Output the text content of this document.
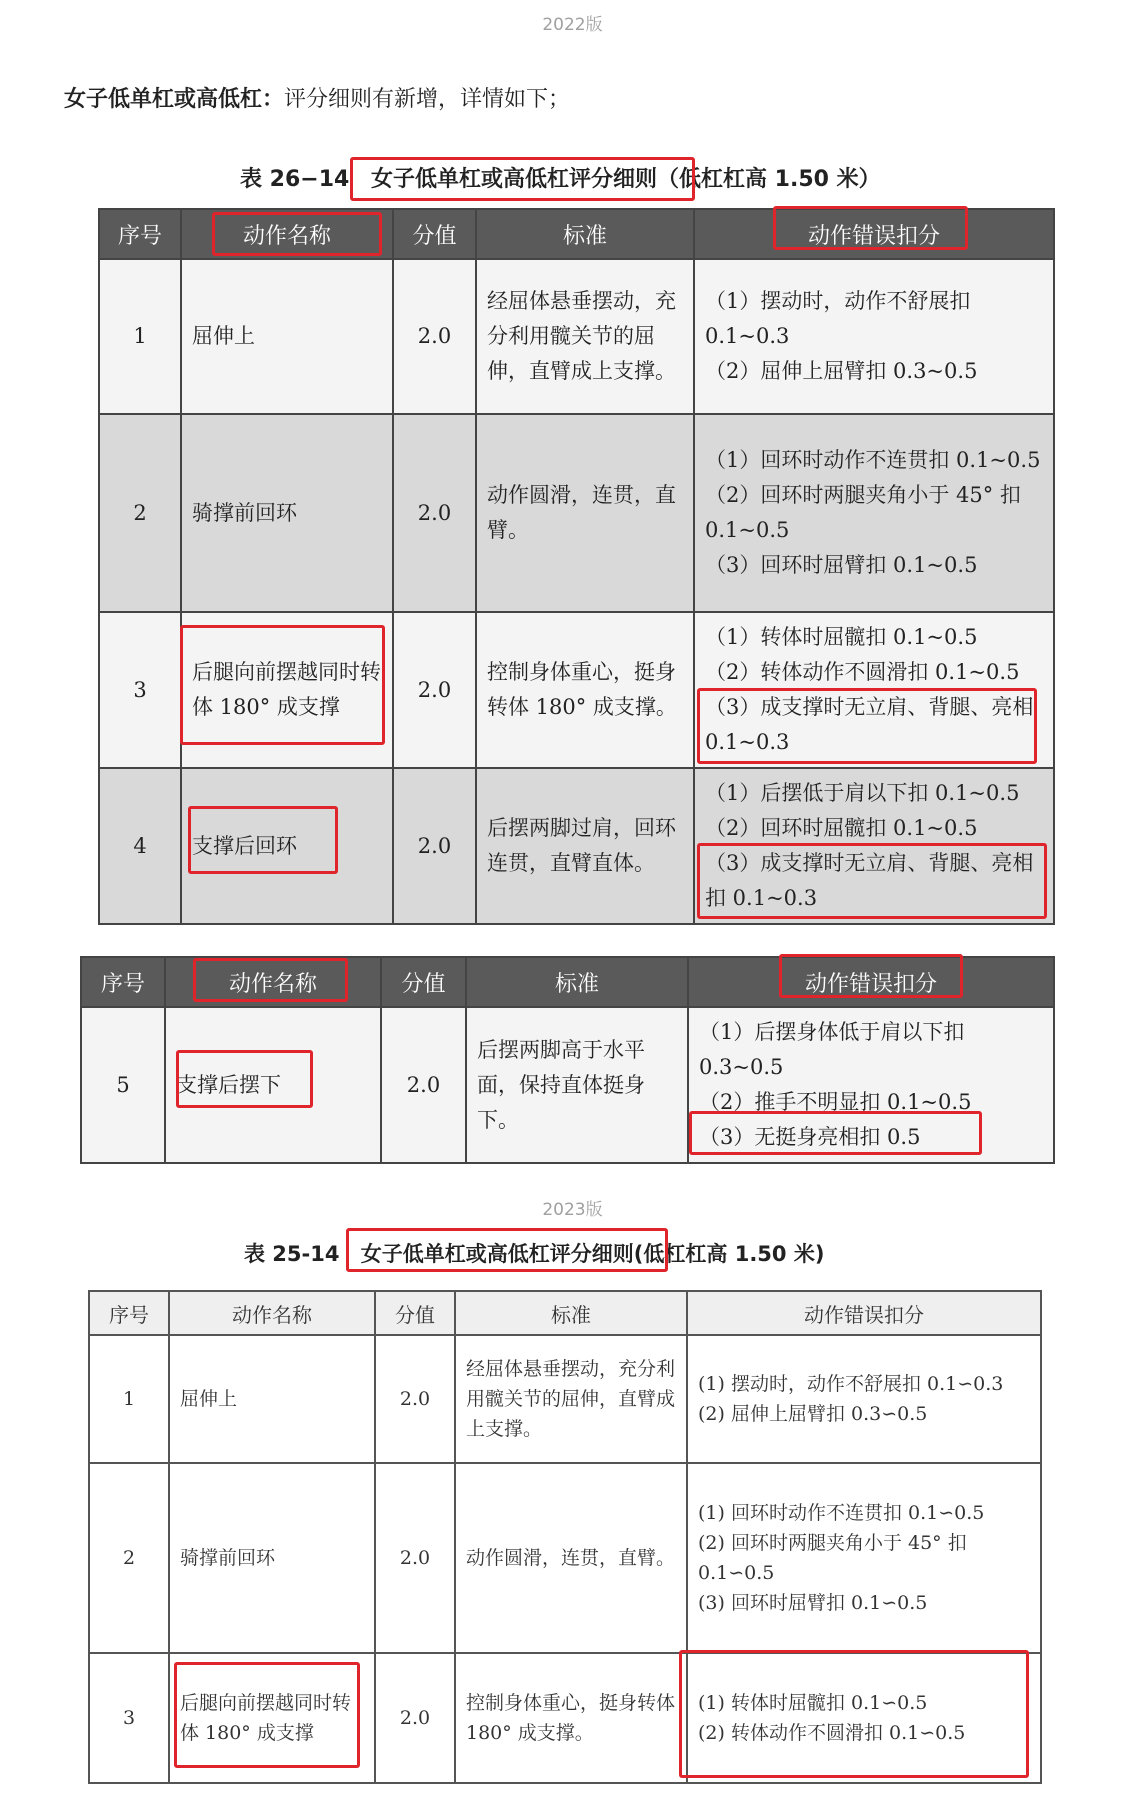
2022版
女子低单杠或高低杠：评分细则有新增，详情如下；
表 26−14 女子低单杠或高低杠评分细则（低杠杠高 1.50 米）
序号	动作名称	分值	标准	动作错误扣分
1	屈伸上	2.0	经屈体悬垂摆动，充分利用髋关节的屈伸，直臂成上支撑。	（1）摆动时，动作不舒展扣 0.1~0.3
（2）屈伸上屈臂扣 0.3~0.5

2	骑撑前回环	2.0	动作圆滑，连贯，直臂。	（1）回环时动作不连贯扣 0.1~0.5
（2）回环时两腿夹角小于 45° 扣 0.1~0.5
（3）回环时屈臂扣 0.1~0.5

3	后腿向前摆越同时转体 180° 成支撑	2.0	控制身体重心，挺身转体 180° 成支撑。	（1）转体时屈髋扣 0.1~0.5
（2）转体动作不圆滑扣 0.1~0.5
（3）成支撑时无立肩、背腿、亮相 0.1~0.3

4	支撑后回环	2.0	后摆两脚过肩，回环连贯，直臂直体。	（1）后摆低于肩以下扣 0.1~0.5
（2）回环时屈髋扣 0.1~0.5
（3）成支撑时无立肩、背腿、亮相扣 0.1~0.3
序号	动作名称	分值	标准	动作错误扣分
5	支撑后摆下	2.0	后摆两脚高于水平面，保持直体挺身下。	（1）后摆身体低于肩以下扣 0.3~0.5
（2）推手不明显扣 0.1~0.5
（3）无挺身亮相扣 0.5
2023版
表 25-14 女子低单杠或高低杠评分细则(低杠杠高 1.50 米)
序号	动作名称	分值	标准	动作错误扣分
1	屈伸上	2.0	经屈体悬垂摆动，充分利用髋关节的屈伸，直臂成上支撑。	(1) 摆动时，动作不舒展扣 0.1∽0.3
(2) 屈伸上屈臂扣 0.3∽0.5

2	骑撑前回环	2.0	动作圆滑，连贯，直臂。	(1) 回环时动作不连贯扣 0.1∽0.5
(2) 回环时两腿夹角小于 45° 扣 0.1∽0.5
(3) 回环时屈臂扣 0.1∽0.5

3	后腿向前摆越同时转体 180° 成支撑	2.0	控制身体重心，挺身转体 180° 成支撑。	(1) 转体时屈髋扣 0.1∽0.5
(2) 转体动作不圆滑扣 0.1∽0.5
